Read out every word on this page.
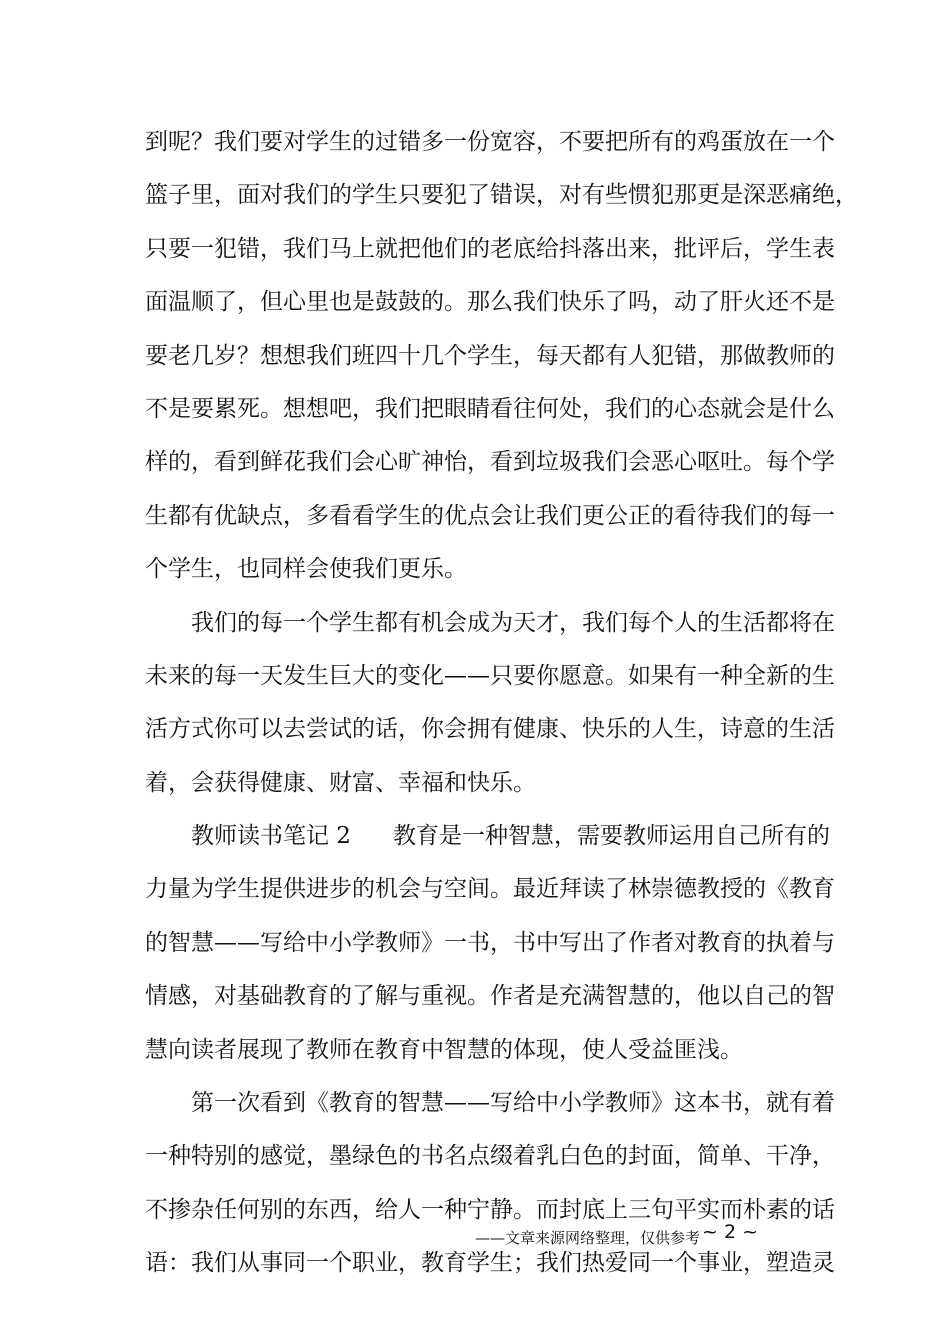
到呢？我们要对学生的过错多一份宽容，不要把所有的鸡蛋放在一个
篮子里，面对我们的学生只要犯了错误，对有些惯犯那更是深恶痛绝，
只要一犯错，我们马上就把他们的老底给抖落出来，批评后，学生表
面温顺了，但心里也是鼓鼓的。那么我们快乐了吗，动了肝火还不是
要老几岁？想想我们班四十几个学生，每天都有人犯错，那做教师的
不是要累死。想想吧，我们把眼睛看往何处，我们的心态就会是什么
样的，看到鲜花我们会心旷神怡，看到垃圾我们会恶心呕吐。每个学
生都有优缺点，多看看学生的优点会让我们更公正的看待我们的每一
个学生，也同样会使我们更乐。
我们的每一个学生都有机会成为天才，我们每个人的生活都将在
未来的每一天发生巨大的变化——只要你愿意。如果有一种全新的生
活方式你可以去尝试的话，你会拥有健康、快乐的人生，诗意的生活
着，会获得健康、财富、幸福和快乐。
教师读书笔记 2 教育是一种智慧，需要教师运用自己所有的
力量为学生提供进步的机会与空间。最近拜读了林崇德教授的《教育
的智慧——写给中小学教师》一书，书中写出了作者对教育的执着与
情感，对基础教育的了解与重视。作者是充满智慧的，他以自己的智
慧向读者展现了教师在教育中智慧的体现，使人受益匪浅。
第一次看到《教育的智慧——写给中小学教师》这本书，就有着
一种特别的感觉，墨绿色的书名点缀着乳白色的封面，简单、干净，
不掺杂任何别的东西，给人一种宁静。而封底上三句平实而朴素的话
语：我们从事同一个职业，教育学生；我们热爱同一个事业，塑造灵
——文章来源网络整理，仅供参考 ~ 2 ~
